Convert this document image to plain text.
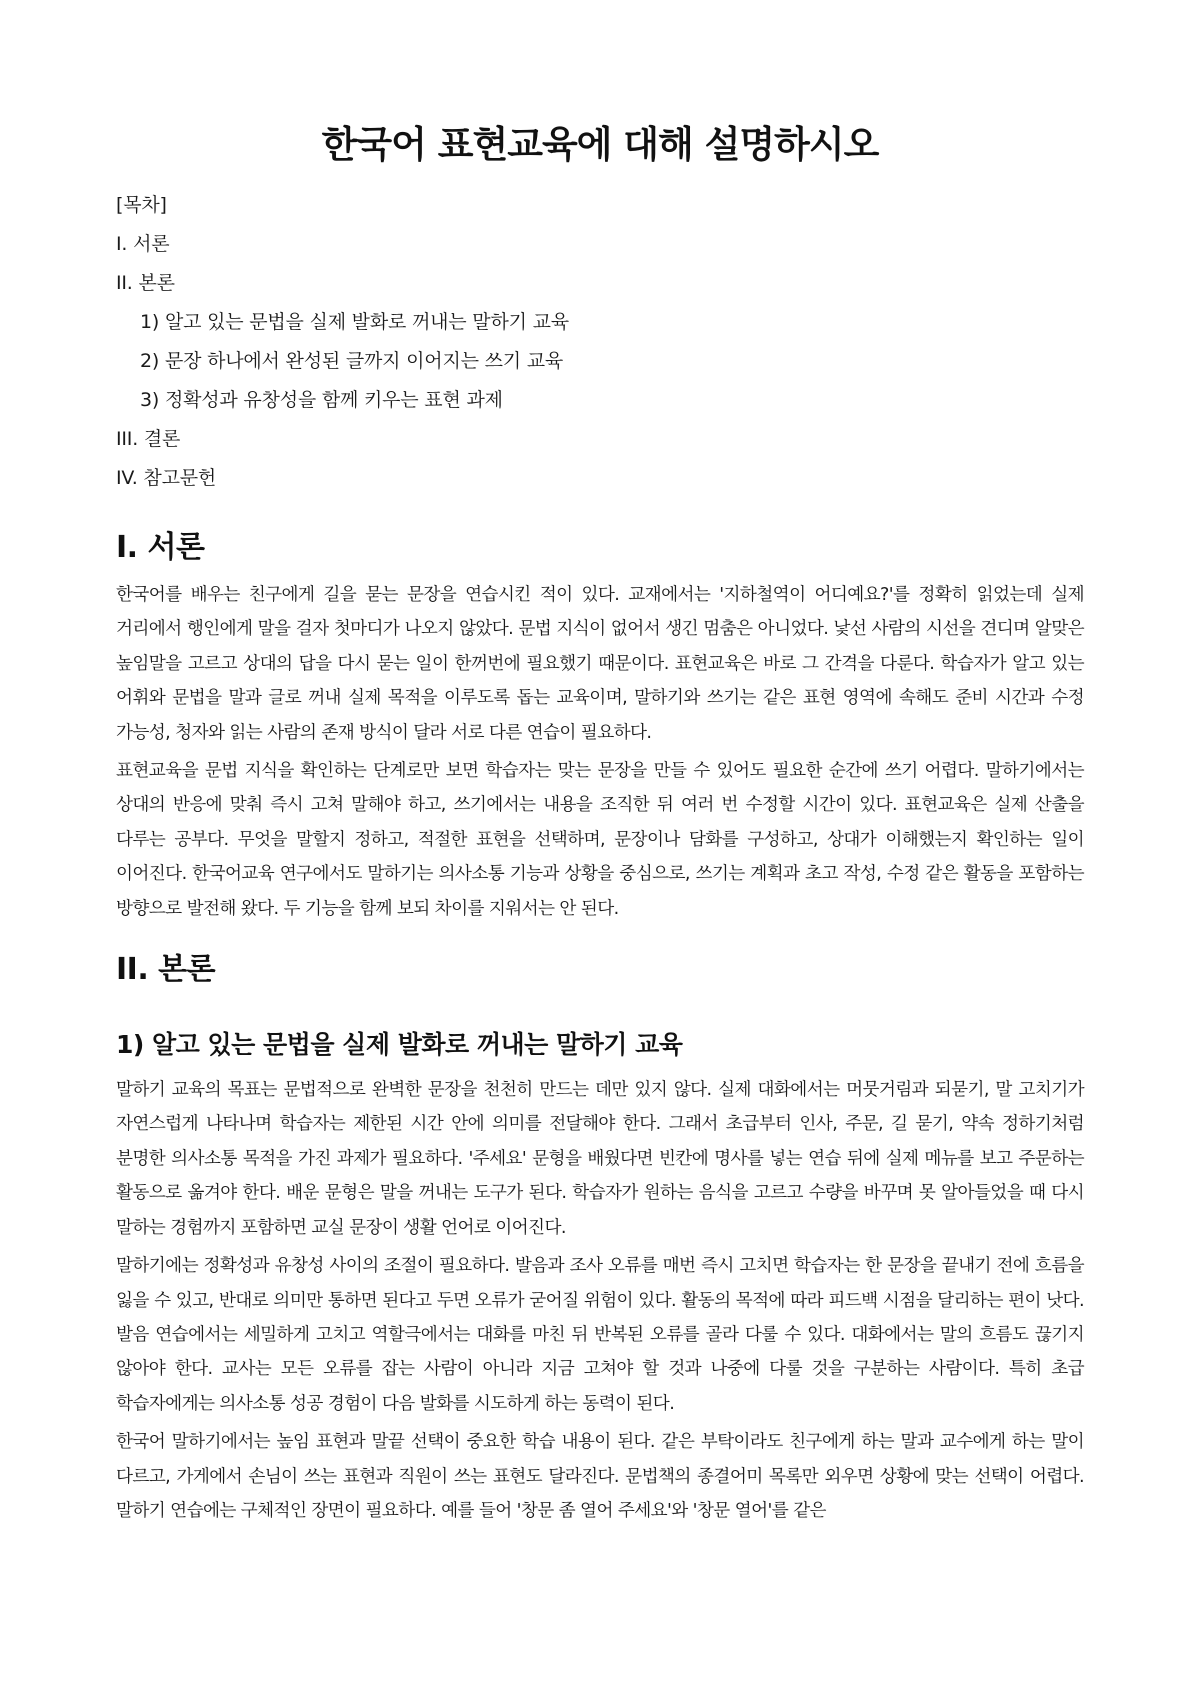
한국어 표현교육에 대해 설명하시오
[목차]
I. 서론
II. 본론
1) 알고 있는 문법을 실제 발화로 꺼내는 말하기 교육
2) 문장 하나에서 완성된 글까지 이어지는 쓰기 교육
3) 정확성과 유창성을 함께 키우는 표현 과제
III. 결론
IV. 참고문헌
I. 서론

한국어를 배우는 친구에게 길을 묻는 문장을 연습시킨 적이 있다. 교재에서는 '지하철역이 어디예요?'를 정확히 읽었는데 실제 거리에서 행인에게 말을 걸자 첫마디가 나오지 않았다. 문법 지식이 없어서 생긴 멈춤은 아니었다. 낯선 사람의 시선을 견디며 알맞은 높임말을 고르고 상대의 답을 다시 묻는 일이 한꺼번에 필요했기 때문이다. 표현교육은 바로 그 간격을 다룬다. 학습자가 알고 있는 어휘와 문법을 말과 글로 꺼내 실제 목적을 이루도록 돕는 교육이며, 말하기와 쓰기는 같은 표현 영역에 속해도 준비 시간과 수정 가능성, 청자와 읽는 사람의 존재 방식이 달라 서로 다른 연습이 필요하다.

표현교육을 문법 지식을 확인하는 단계로만 보면 학습자는 맞는 문장을 만들 수 있어도 필요한 순간에 쓰기 어렵다. 말하기에서는 상대의 반응에 맞춰 즉시 고쳐 말해야 하고, 쓰기에서는 내용을 조직한 뒤 여러 번 수정할 시간이 있다. 표현교육은 실제 산출을 다루는 공부다. 무엇을 말할지 정하고, 적절한 표현을 선택하며, 문장이나 담화를 구성하고, 상대가 이해했는지 확인하는 일이 이어진다. 한국어교육 연구에서도 말하기는 의사소통 기능과 상황을 중심으로, 쓰기는 계획과 초고 작성, 수정 같은 활동을 포함하는 방향으로 발전해 왔다. 두 기능을 함께 보되 차이를 지워서는 안 된다.

II. 본론
1) 알고 있는 문법을 실제 발화로 꺼내는 말하기 교육

말하기 교육의 목표는 문법적으로 완벽한 문장을 천천히 만드는 데만 있지 않다. 실제 대화에서는 머뭇거림과 되묻기, 말 고치기가 자연스럽게 나타나며 학습자는 제한된 시간 안에 의미를 전달해야 한다. 그래서 초급부터 인사, 주문, 길 묻기, 약속 정하기처럼 분명한 의사소통 목적을 가진 과제가 필요하다. '주세요' 문형을 배웠다면 빈칸에 명사를 넣는 연습 뒤에 실제 메뉴를 보고 주문하는 활동으로 옮겨야 한다. 배운 문형은 말을 꺼내는 도구가 된다. 학습자가 원하는 음식을 고르고 수량을 바꾸며 못 알아들었을 때 다시 말하는 경험까지 포함하면 교실 문장이 생활 언어로 이어진다.

말하기에는 정확성과 유창성 사이의 조절이 필요하다. 발음과 조사 오류를 매번 즉시 고치면 학습자는 한 문장을 끝내기 전에 흐름을 잃을 수 있고, 반대로 의미만 통하면 된다고 두면 오류가 굳어질 위험이 있다. 활동의 목적에 따라 피드백 시점을 달리하는 편이 낫다. 발음 연습에서는 세밀하게 고치고 역할극에서는 대화를 마친 뒤 반복된 오류를 골라 다룰 수 있다. 대화에서는 말의 흐름도 끊기지 않아야 한다. 교사는 모든 오류를 잡는 사람이 아니라 지금 고쳐야 할 것과 나중에 다룰 것을 구분하는 사람이다. 특히 초급 학습자에게는 의사소통 성공 경험이 다음 발화를 시도하게 하는 동력이 된다.

한국어 말하기에서는 높임 표현과 말끝 선택이 중요한 학습 내용이 된다. 같은 부탁이라도 친구에게 하는 말과 교수에게 하는 말이 다르고, 가게에서 손님이 쓰는 표현과 직원이 쓰는 표현도 달라진다. 문법책의 종결어미 목록만 외우면 상황에 맞는 선택이 어렵다. 말하기 연습에는 구체적인 장면이 필요하다. 예를 들어 '창문 좀 열어 주세요'와 '창문 열어'를 같은
